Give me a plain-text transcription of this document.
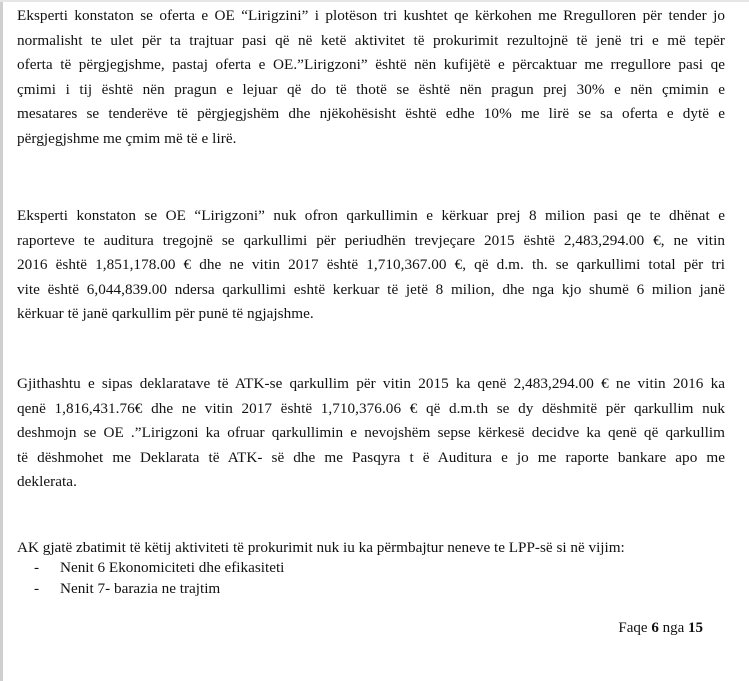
Eksperti konstaton se oferta e OE “Lirigzini” i plotëson tri kushtet qe kërkohen me Rregulloren për tender jo
normalisht te ulet për ta trajtuar pasi që në ketë aktivitet të prokurimit rezultojnë të jenë tri e më tepër
oferta të përgjegjshme, pastaj oferta e OE.”Lirigzoni” është nën kufijëtë e përcaktuar me rregullore pasi qe
çmimi i tij është nën pragun e lejuar që do të thotë se është nën pragun prej 30% e nën çmimin e
mesatares se tenderëve të përgjegjshëm dhe njëkohësisht është edhe 10% me lirë se sa oferta e dytë e
përgjegjshme me çmim më të e lirë.

Eksperti konstaton se OE “Lirigzoni” nuk ofron qarkullimin e kërkuar prej 8 milion pasi qe te dhënat e
raporteve te auditura tregojnë se qarkullimi për periudhën trevjeçare 2015 është 2,483,294.00 €, ne vitin
2016 është 1,851,178.00 € dhe ne vitin 2017 është 1,710,367.00 €, që d.m. th. se qarkullimi total për tri
vite është 6,044,839.00 ndersa qarkullimi eshtë kerkuar të jetë 8 milion, dhe nga kjo shumë 6 milion janë
kërkuar të janë qarkullim për punë të ngjajshme.

Gjithashtu e sipas deklaratave të ATK-se qarkullim për vitin 2015 ka qenë 2,483,294.00 € ne vitin 2016 ka
qenë 1,816,431.76€ dhe ne vitin 2017 është 1,710,376.06 € që d.m.th se dy dëshmitë për qarkullim nuk
deshmojn se OE .”Lirigzoni ka ofruar qarkullimin e nevojshëm sepse kërkesë decidve ka qenë që qarkullim
të dëshmohet me Deklarata të ATK- së dhe me Pasqyra t ë Auditura e jo me raporte bankare apo me
deklerata.

AK gjatë zbatimit të këtij aktiviteti të prokurimit nuk iu ka përmbajtur neneve te LPP-së si në vijim:

-	Nenit 6 Ekonomiciteti dhe efikasiteti
-	Nenit 7- barazia ne trajtim
Faqe 6 nga 15
